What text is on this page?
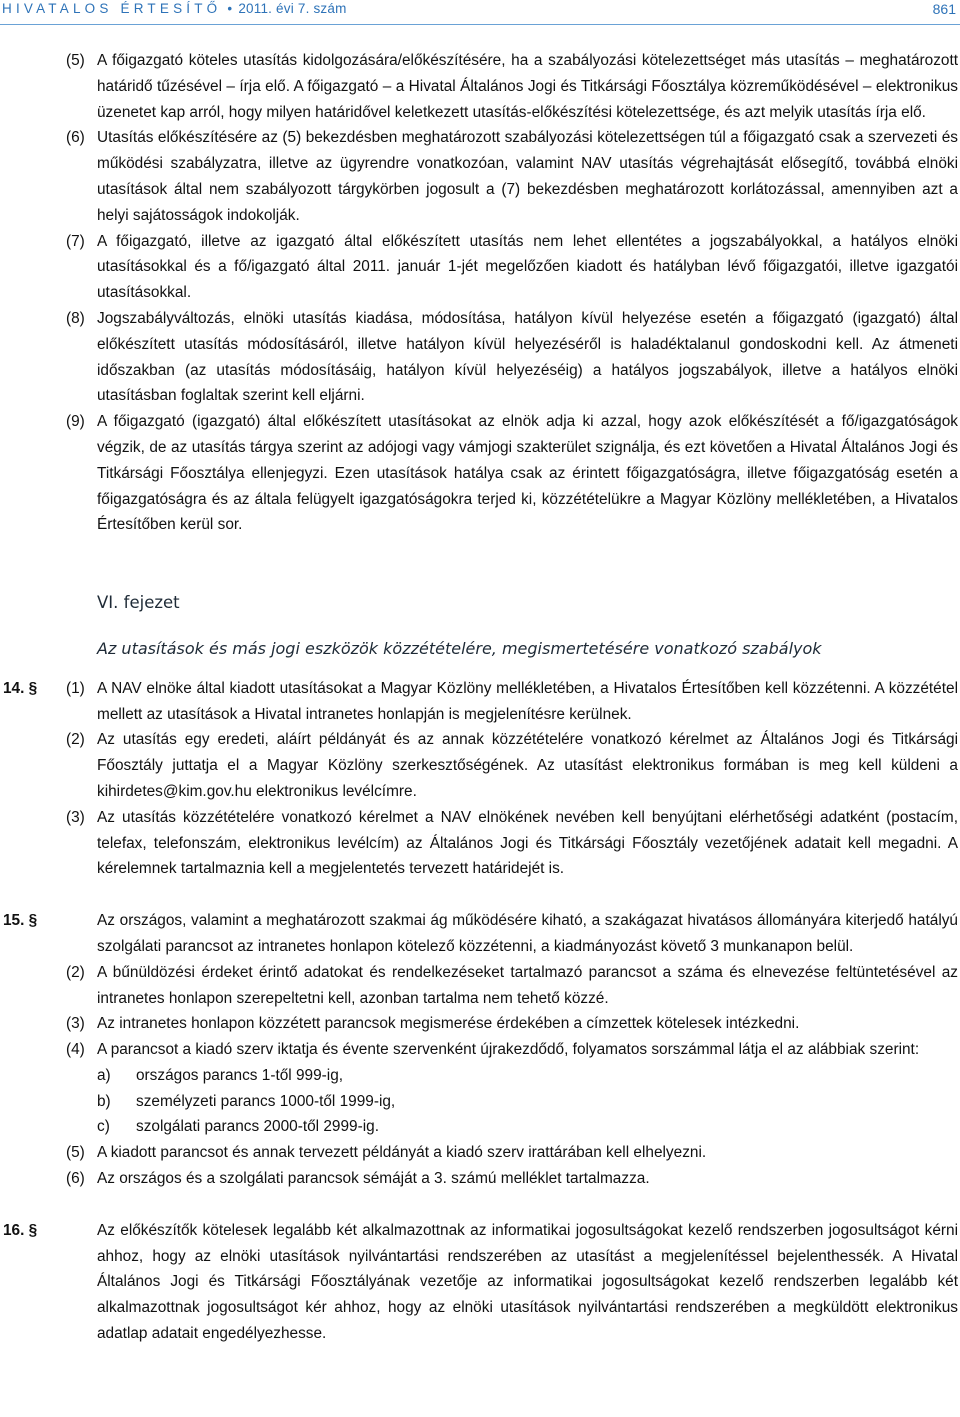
HIVATALOS ÉRTESÍTŐ • 2011. évi 7. szám	861
(5) A főigazgató köteles utasítás kidolgozására/előkészítésére, ha a szabályozási kötelezettséget más utasítás – meghatározott határidő tűzésével – írja elő. A főigazgató – a Hivatal Általános Jogi és Titkársági Főosztálya közreműködésével – elektronikus üzenetet kap arról, hogy milyen határidővel keletkezett utasítás-előkészítési kötelezettsége, és azt melyik utasítás írja elő.
(6) Utasítás előkészítésére az (5) bekezdésben meghatározott szabályozási kötelezettségen túl a főigazgató csak a szervezeti és működési szabályzatra, illetve az ügyrendre vonatkozóan, valamint NAV utasítás végrehajtását elősegítő, továbbá elnöki utasítások által nem szabályozott tárgykörben jogosult a (7) bekezdésben meghatározott korlátozással, amennyiben azt a helyi sajátosságok indokolják.
(7) A főigazgató, illetve az igazgató által előkészített utasítás nem lehet ellentétes a jogszabályokkal, a hatályos elnöki utasításokkal és a fő/igazgató által 2011. január 1-jét megelőzően kiadott és hatályban lévő főigazgatói, illetve igazgatói utasításokkal.
(8) Jogszabályváltozás, elnöki utasítás kiadása, módosítása, hatályon kívül helyezése esetén a főigazgató (igazgató) által előkészített utasítás módosításáról, illetve hatályon kívül helyezéséről is haladéktalanul gondoskodni kell. Az átmeneti időszakban (az utasítás módosításáig, hatályon kívül helyezéséig) a hatályos jogszabályok, illetve a hatályos elnöki utasításban foglaltak szerint kell eljárni.
(9) A főigazgató (igazgató) által előkészített utasításokat az elnök adja ki azzal, hogy azok előkészítését a fő/igazgatóságok végzik, de az utasítás tárgya szerint az adójogi vagy vámjogi szakterület szignálja, és ezt követően a Hivatal Általános Jogi és Titkársági Főosztálya ellenjegyzi. Ezen utasítások hatálya csak az érintett főigazgatóságra, illetve főigazgatóság esetén a főigazgatóságra és az általa felügyelt igazgatóságokra terjed ki, közzétételükre a Magyar Közlöny mellékletében, a Hivatalos Értesítőben kerül sor.
VI. fejezet
Az utasítások és más jogi eszközök közzétételére, megismertetésére vonatkozó szabályok
14. §	(1) A NAV elnöke által kiadott utasításokat a Magyar Közlöny mellékletében, a Hivatalos Értesítőben kell közzétenni. A közzététel mellett az utasítások a Hivatal intranetes honlapján is megjelenítésre kerülnek.
(2) Az utasítás egy eredeti, aláírt példányát és az annak közzétételére vonatkozó kérelmet az Általános Jogi és Titkársági Főosztály juttatja el a Magyar Közlöny szerkesztőségének. Az utasítást elektronikus formában is meg kell küldeni a kihirdetes@kim.gov.hu elektronikus levélcímre.
(3) Az utasítás közzétételére vonatkozó kérelmet a NAV elnökének nevében kell benyújtani elérhetőségi adatként (postacím, telefax, telefonszám, elektronikus levélcím) az Általános Jogi és Titkársági Főosztály vezetőjének adatait kell megadni. A kérelemnek tartalmaznia kell a megjelentetés tervezett határidejét is.
15. §	Az országos, valamint a meghatározott szakmai ág működésére kiható, a szakágazat hivatásos állományára kiterjedő hatályú szolgálati parancsot az intranetes honlapon kötelező közzétenni, a kiadmányozást követő 3 munkanapon belül.
(2) A bűnüldözési érdeket érintő adatokat és rendelkezéseket tartalmazó parancsot a száma és elnevezése feltüntetésével az intranetes honlapon szerepeltetni kell, azonban tartalma nem tehető közzé.
(3) Az intranetes honlapon közzétett parancsok megismerése érdekében a címzettek kötelesek intézkedni.
(4) A parancsot a kiadó szerv iktatja és évente szervenként újrakezdődő, folyamatos sorszámmal látja el az alábbiak szerint:
a) országos parancs 1-től 999-ig,
b) személyzeti parancs 1000-től 1999-ig,
c) szolgálati parancs 2000-től 2999-ig.
(5) A kiadott parancsot és annak tervezett példányát a kiadó szerv irattárában kell elhelyezni.
(6) Az országos és a szolgálati parancsok sémáját a 3. számú melléklet tartalmazza.
16. §	Az előkészítők kötelesek legalább két alkalmazottnak az informatikai jogosultságokat kezelő rendszerben jogosultságot kérni ahhoz, hogy az elnöki utasítások nyilvántartási rendszerében az utasítást a megjelenítéssel bejelenthessék. A Hivatal Általános Jogi és Titkársági Főosztályának vezetője az informatikai jogosultságokat kezelő rendszerben legalább két alkalmazottnak jogosultságot kér ahhoz, hogy az elnöki utasítások nyilvántartási rendszerében a megküldött elektronikus adatlap adatait engedélyezhesse.
